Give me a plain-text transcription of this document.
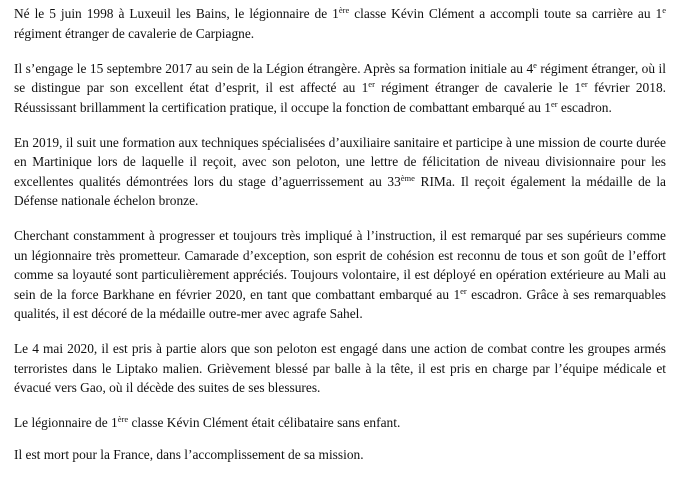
Né le 5 juin 1998 à Luxeuil les Bains, le légionnaire de 1ère classe Kévin Clément a accompli toute sa carrière au 1e régiment étranger de cavalerie de Carpiagne.

Il s’engage le 15 septembre 2017 au sein de la Légion étrangère. Après sa formation initiale au 4e régiment étranger, où il se distingue par son excellent état d’esprit, il est affecté au 1er régiment étranger de cavalerie le 1er février 2018. Réussissant brillamment la certification pratique, il occupe la fonction de combattant embarqué au 1er escadron.

En 2019, il suit une formation aux techniques spécialisées d’auxiliaire sanitaire et participe à une mission de courte durée en Martinique lors de laquelle il reçoit, avec son peloton, une lettre de félicitation de niveau divisionnaire pour les excellentes qualités démontrées lors du stage d’aguerrissement au 33ème RIMa. Il reçoit également la médaille de la Défense nationale échelon bronze.

Cherchant constamment à progresser et toujours très impliqué à l’instruction, il est remarqué par ses supérieurs comme un légionnaire très prometteur. Camarade d’exception, son esprit de cohésion est reconnu de tous et son goût de l’effort comme sa loyauté sont particulièrement appréciés. Toujours volontaire, il est déployé en opération extérieure au Mali au sein de la force Barkhane en février 2020, en tant que combattant embarqué au 1er escadron. Grâce à ses remarquables qualités, il est décoré de la médaille outre-mer avec agrafe Sahel.

Le 4 mai 2020, il est pris à partie alors que son peloton est engagé dans une action de combat contre les groupes armés terroristes dans le Liptako malien. Grièvement blessé par balle à la tête, il est pris en charge par l’équipe médicale et évacué vers Gao, où il décède des suites de ses blessures.

Le légionnaire de 1ère classe Kévin Clément était célibataire sans enfant.

Il est mort pour la France, dans l’accomplissement de sa mission.
